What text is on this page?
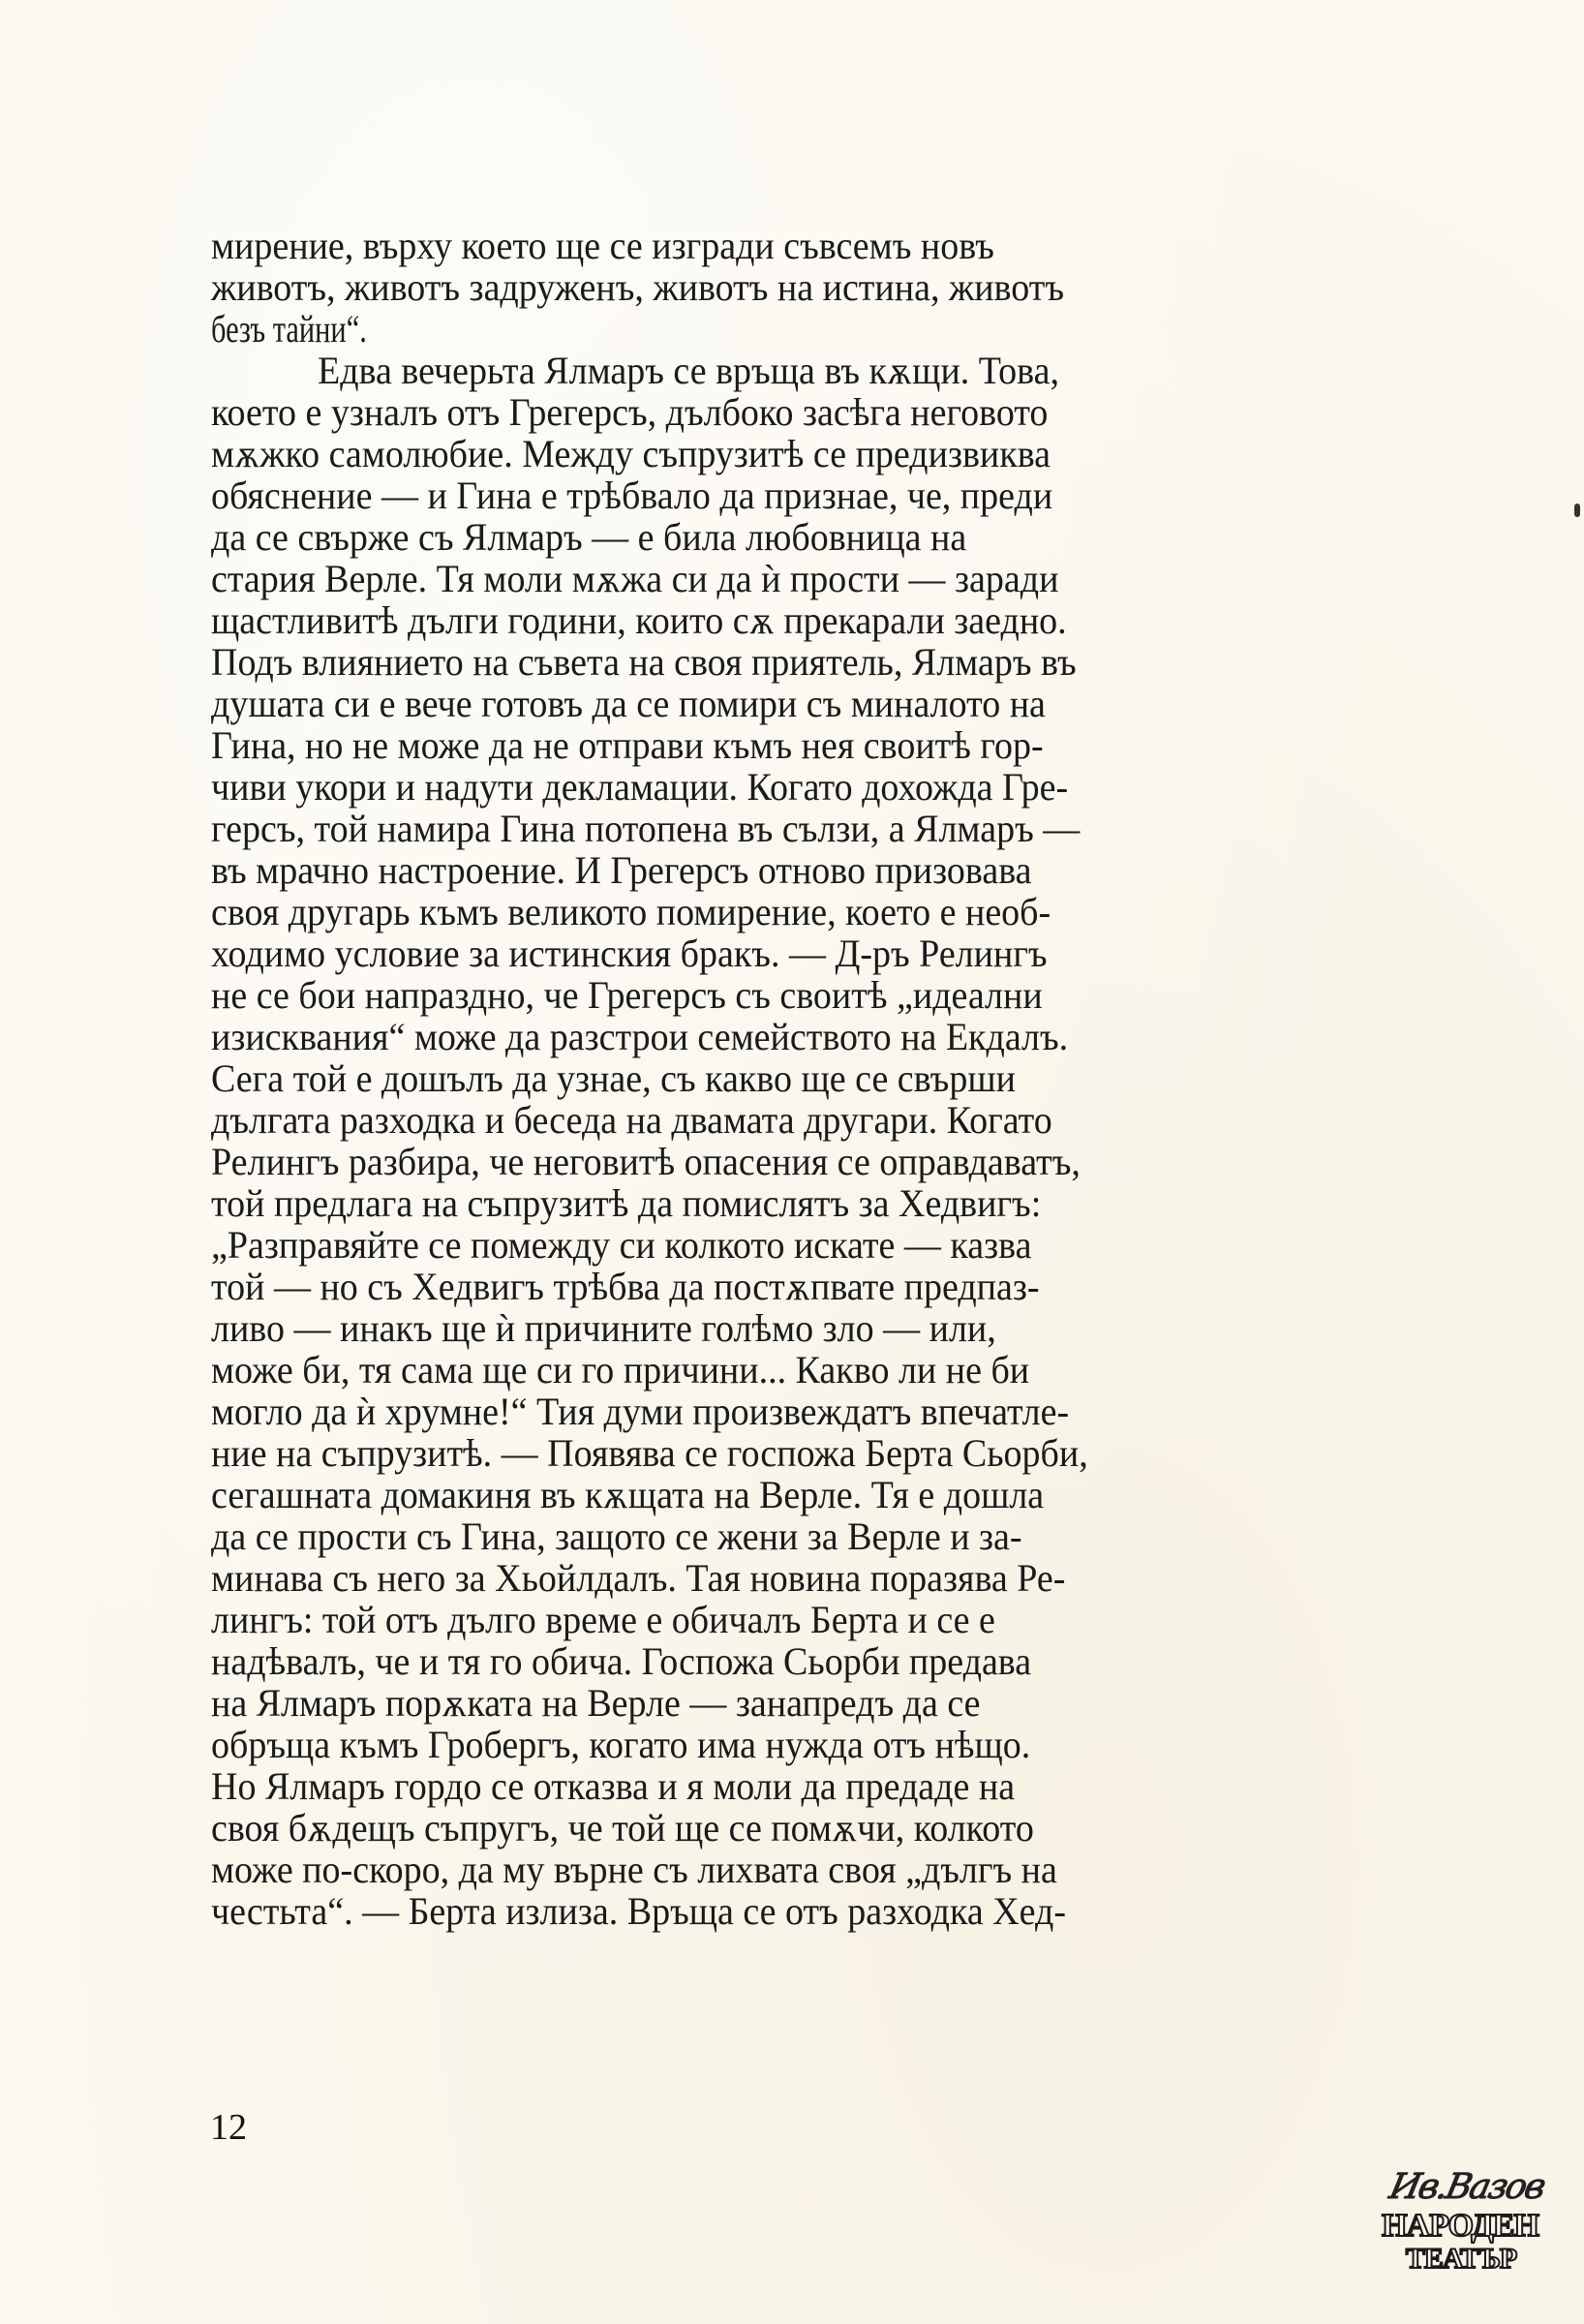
мирение, върху което ще се изгради съвсемъ новъ
животъ, животъ задруженъ, животъ на истина, животъ
безъ тайни“.
Едва вечерьта Ялмаръ се връща въ кѫщи. Това,
което е узналъ отъ Грегерсъ, дълбоко засѣга неговото
мѫжко самолюбие. Между съпрузитѣ се предизвиква
обяснение — и Гина е трѣбвало да признае, че, преди
да се свърже съ Ялмаръ — е била любовница на
стария Верле. Тя моли мѫжа си да ѝ прости — заради
щастливитѣ дълги години, които сѫ прекарали заедно.
Подъ влиянието на съвета на своя приятель, Ялмаръ въ
душата си е вече готовъ да се помири съ миналото на
Гина, но не може да не отправи къмъ нея своитѣ гор-
чиви укори и надути декламации. Когато дохожда Гре-
герсъ, той намира Гина потопена въ сълзи, а Ялмаръ —
въ мрачно настроение. И Грегерсъ отново призовава
своя другарь къмъ великото помирение, което е необ-
ходимо условие за истинския бракъ. — Д-ръ Релингъ
не се бои напраздно, че Грегерсъ съ своитѣ „идеални
изисквания“ може да разстрои семейството на Екдалъ.
Сега той е дошълъ да узнае, съ какво ще се свърши
дългата разходка и беседа на двамата другари. Когато
Релингъ разбира, че неговитѣ опасения се оправдаватъ,
той предлага на съпрузитѣ да помислятъ за Хедвигъ:
„Разправяйте се помежду си колкото искате — казва
той — но съ Хедвигъ трѣбва да постѫпвате предпаз-
ливо — инакъ ще ѝ причините голѣмо зло — или,
може би, тя сама ще си го причини... Какво ли не би
могло да ѝ хрумне!“ Тия думи произвеждатъ впечатле-
ние на съпрузитѣ. — Появява се госпожа Берта Сьорби,
сегашната домакиня въ кѫщата на Верле. Тя е дошла
да се прости съ Гина, защото се жени за Верле и за-
минава съ него за Хьойлдалъ. Тая новина поразява Ре-
лингъ: той отъ дълго време е обичалъ Берта и се е
надѣвалъ, че и тя го обича. Госпожа Сьорби предава
на Ялмаръ порѫката на Верле — занапредъ да се
обръща къмъ Гробергъ, когато има нужда отъ нѣщо.
Но Ялмаръ гордо се отказва и я моли да предаде на
своя бѫдещъ съпругъ, че той ще се помѫчи, колкото
може по-скоро, да му върне съ лихвата своя „дългъ на
честьта“. — Берта излиза. Връща се отъ разходка Хед-
12
Ив.Вазов
НАРОДЕН
ТЕАТЪР
